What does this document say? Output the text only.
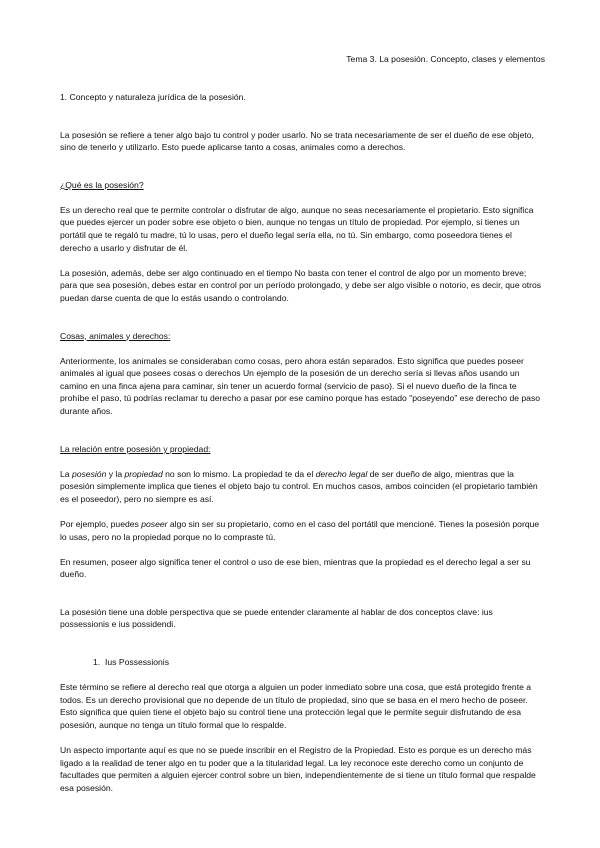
Tema 3. La posesión. Concepto, clases y elementos

1. Concepto y naturaleza jurídica de la posesión.

La posesión se refiere a tener algo bajo tu control y poder usarlo. No se trata necesariamente de ser el dueño de ese objeto, sino de tenerlo y utilizarlo. Esto puede aplicarse tanto a cosas, animales como a derechos.

¿Qué es la posesión?

Es un derecho real que te permite controlar o disfrutar de algo, aunque no seas necesariamente el propietario. Esto significa que puedes ejercer un poder sobre ese objeto o bien, aunque no tengas un título de propiedad. Por ejemplo, si tienes un portátil que te regaló tu madre, tú lo usas, pero el dueño legal sería ella, no tú. Sin embargo, como poseedora tienes el derecho a usarlo y disfrutar de él.

La posesión, además, debe ser algo continuado en el tiempo No basta con tener el control de algo por un momento breve; para que sea posesión, debes estar en control por un período prolongado, y debe ser algo visible o notorio, es decir, que otros puedan darse cuenta de que lo estás usando o controlando.

Cosas, animales y derechos:

Anteriormente, los animales se consideraban como cosas, pero ahora están separados. Esto significa que puedes poseer animales al igual que posees cosas o derechos Un ejemplo de la posesión de un derecho sería si llevas años usando un camino en una finca ajena para caminar, sin tener un acuerdo formal (servicio de paso). Si el nuevo dueño de la finca te prohíbe el paso, tú podrías reclamar tu derecho a pasar por ese camino porque has estado "poseyendo" ese derecho de paso durante años.

La relación entre posesión y propiedad:

La posesión y la propiedad no son lo mismo. La propiedad te da el derecho legal de ser dueño de algo, mientras que la posesión simplemente implica que tienes el objeto bajo tu control. En muchos casos, ambos coinciden (el propietario también es el poseedor), pero no siempre es así.

Por ejemplo, puedes poseer algo sin ser su propietario, como en el caso del portátil que mencioné. Tienes la posesión porque lo usas, pero no la propiedad porque no lo compraste tú.

En resumen, poseer algo significa tener el control o uso de ese bien, mientras que la propiedad es el derecho legal a ser su dueño.

La posesión tiene una doble perspectiva que se puede entender claramente al hablar de dos conceptos clave: ius possessionis e ius possidendi.

1. Ius Possessionis

Este término se refiere al derecho real que otorga a alguien un poder inmediato sobre una cosa, que está protegido frente a todos. Es un derecho provisional que no depende de un título de propiedad, sino que se basa en el mero hecho de poseer. Esto significa que quien tiene el objeto bajo su control tiene una protección legal que le permite seguir disfrutando de esa posesión, aunque no tenga un título formal que lo respalde.

Un aspecto importante aquí es que no se puede inscribir en el Registro de la Propiedad. Esto es porque es un derecho más ligado a la realidad de tener algo en tu poder que a la titularidad legal. La ley reconoce este derecho como un conjunto de facultades que permiten a alguien ejercer control sobre un bien, independientemente de si tiene un título formal que respalde esa posesión.
